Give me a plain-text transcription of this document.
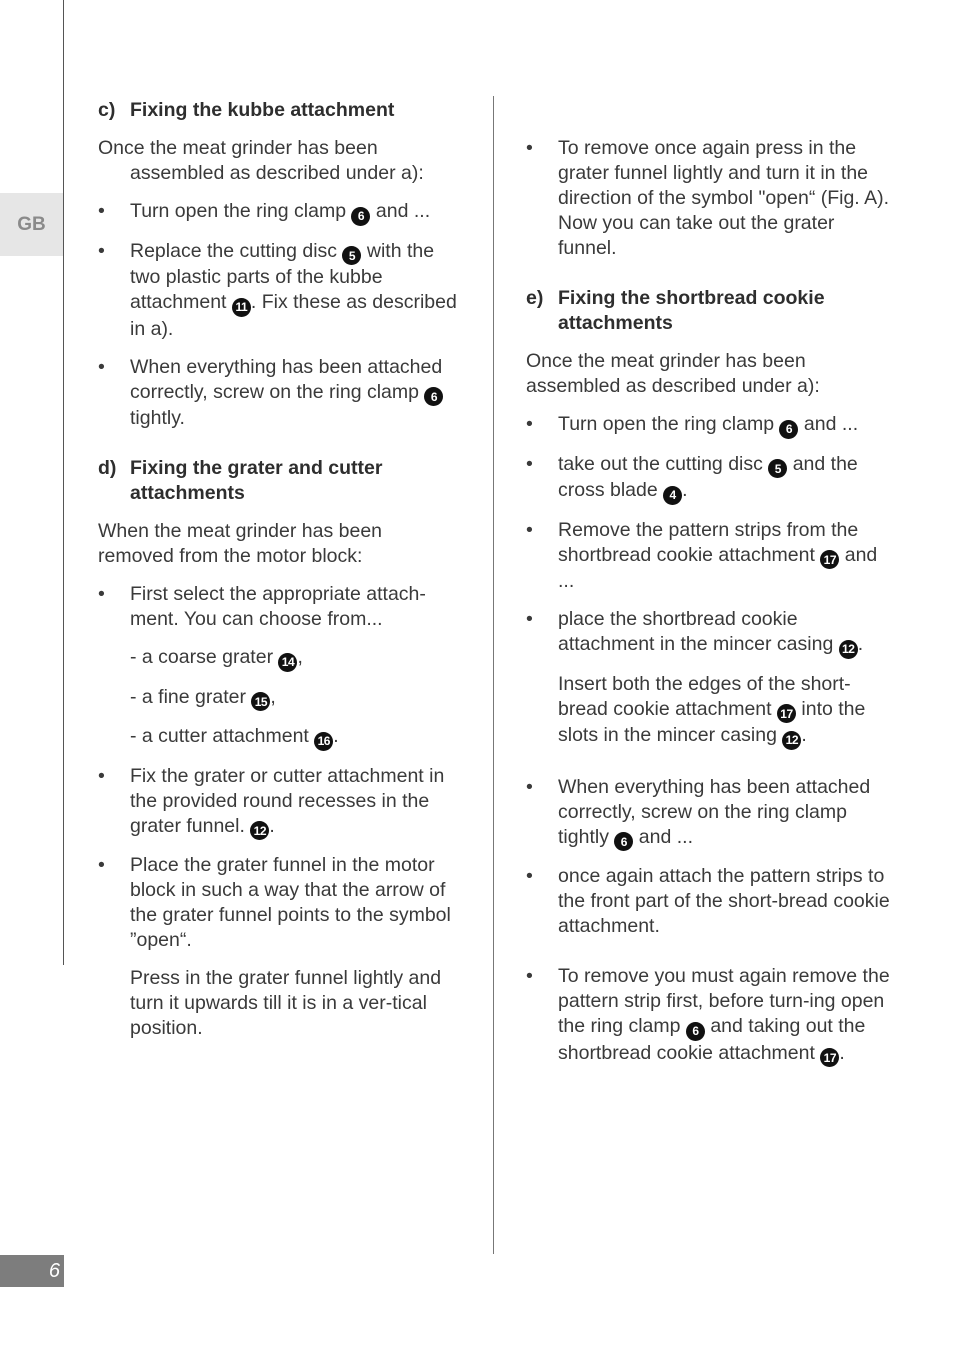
GB
6

c) Fixing the kubbe attachment

Once the meat grinder has been assembled as described under a):

•	Turn open the ring clamp 6 and ...
•	Replace the cutting disc 5 with the two plastic parts of the kubbe attachment 11 . Fix these as described in a).
•	When everything has been attached correctly, screw on the ring clamp 6 tightly.

d) Fixing the grater and cutter attachments

When the meat grinder has been removed from the motor block:

•	First select the appropriate attach-ment. You can choose from...

- a coarse grater 14 ,

- a fine grater 15 ,

- a cutter attachment 16 .

•	Fix the grater or cutter attachment in the provided round recesses in the grater funnel. 12 .
•	Place the grater funnel in the motor block in such a way that the arrow of the grater funnel points to the symbol ”open“.

Press in the grater funnel lightly and turn it upwards till it is in a ver-tical position.

•	To remove once again press in the grater funnel lightly and turn it in the direction of the symbol "open“ (Fig. A). Now you can take out the grater funnel.

e) Fixing the shortbread cookie attachments

Once the meat grinder has been assembled as described under a):

•	Turn open the ring clamp 6 and ...
•	take out the cutting disc 5 and the cross blade 4 .
•	Remove the pattern strips from the shortbread cookie attachment 17 and ...
•	place the shortbread cookie attachment in the mincer casing 12 .

Insert both the edges of the short-bread cookie attachment 17 into the slots in the mincer casing 12 .

•	When everything has been attached correctly, screw on the ring clamp tightly 6 and ...
•	once again attach the pattern strips to the front part of the short-bread cookie attachment.
•	To remove you must again remove the pattern strip first, before turn-ing open the ring clamp 6 and taking out the shortbread cookie attachment 17 .
